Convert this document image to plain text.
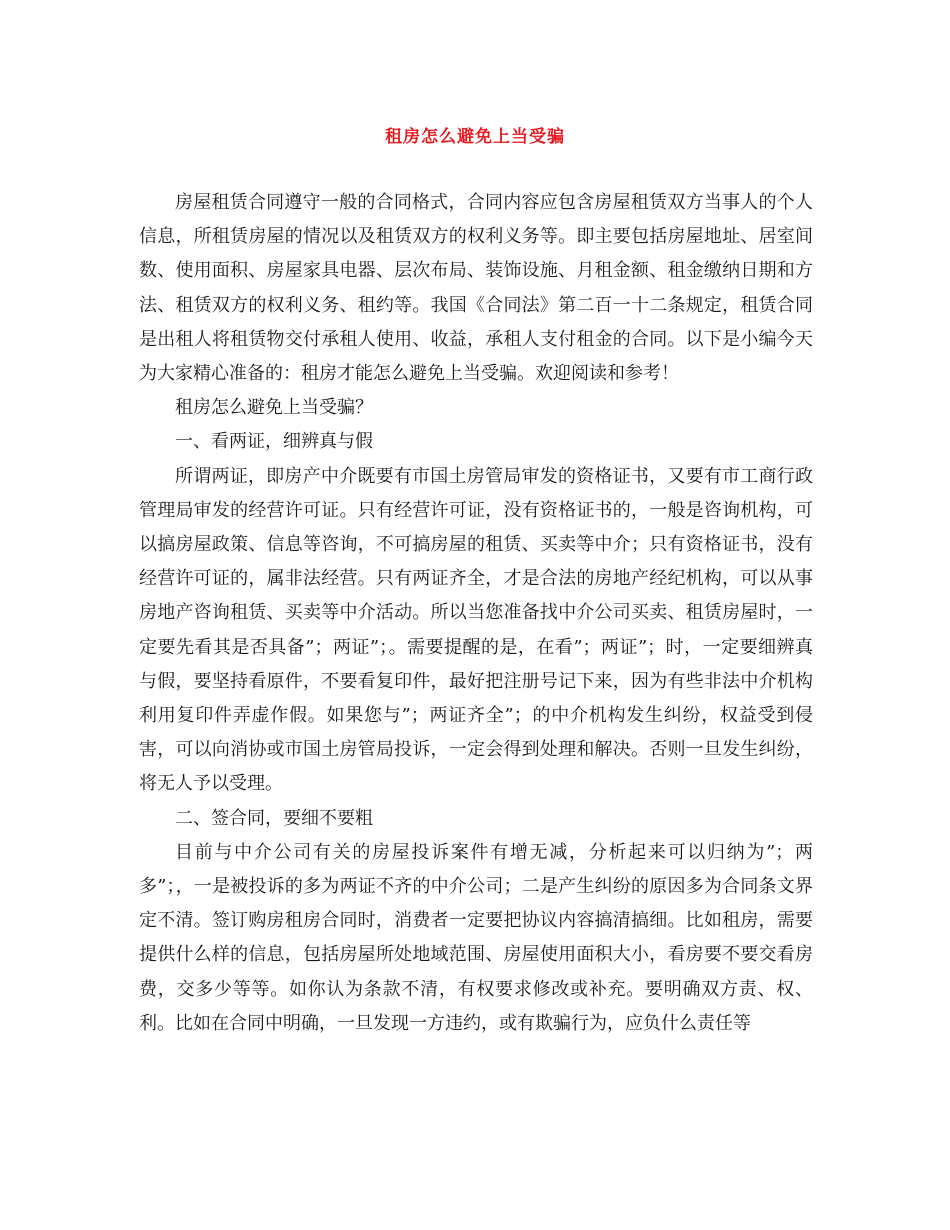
租房怎么避免上当受骗

房屋租赁合同遵守一般的合同格式，合同内容应包含房屋租赁双方当事人的个人信息，所租赁房屋的情况以及租赁双方的权利义务等。即主要包括房屋地址、居室间数、使用面积、房屋家具电器、层次布局、装饰设施、月租金额、租金缴纳日期和方法、租赁双方的权利义务、租约等。我国《合同法》第二百一十二条规定，租赁合同是出租人将租赁物交付承租人使用、收益，承租人支付租金的合同。以下是小编今天为大家精心准备的：租房才能怎么避免上当受骗。欢迎阅读和参考！

租房怎么避免上当受骗？

一、看两证，细辨真与假

所谓两证，即房产中介既要有市国土房管局审发的资格证书，又要有市工商行政管理局审发的经营许可证。只有经营许可证，没有资格证书的，一般是咨询机构，可以搞房屋政策、信息等咨询，不可搞房屋的租赁、买卖等中介；只有资格证书，没有经营许可证的，属非法经营。只有两证齐全，才是合法的房地产经纪机构，可以从事房地产咨询租赁、买卖等中介活动。所以当您准备找中介公司买卖、租赁房屋时，一定要先看其是否具备”；两证”；。需要提醒的是，在看”；两证”；时，一定要细辨真与假，要坚持看原件，不要看复印件，最好把注册号记下来，因为有些非法中介机构利用复印件弄虚作假。如果您与”；两证齐全”；的中介机构发生纠纷，权益受到侵害，可以向消协或市国土房管局投诉，一定会得到处理和解决。否则一旦发生纠纷，将无人予以受理。

二、签合同，要细不要粗

目前与中介公司有关的房屋投诉案件有增无减，分析起来可以归纳为”；两多”；，一是被投诉的多为两证不齐的中介公司；二是产生纠纷的原因多为合同条文界定不清。签订购房租房合同时，消费者一定要把协议内容搞清搞细。比如租房，需要提供什么样的信息，包括房屋所处地域范围、房屋使用面积大小，看房要不要交看房费，交多少等等。如你认为条款不清，有权要求修改或补充。要明确双方责、权、利。比如在合同中明确，一旦发现一方违约，或有欺骗行为，应负什么责任等
